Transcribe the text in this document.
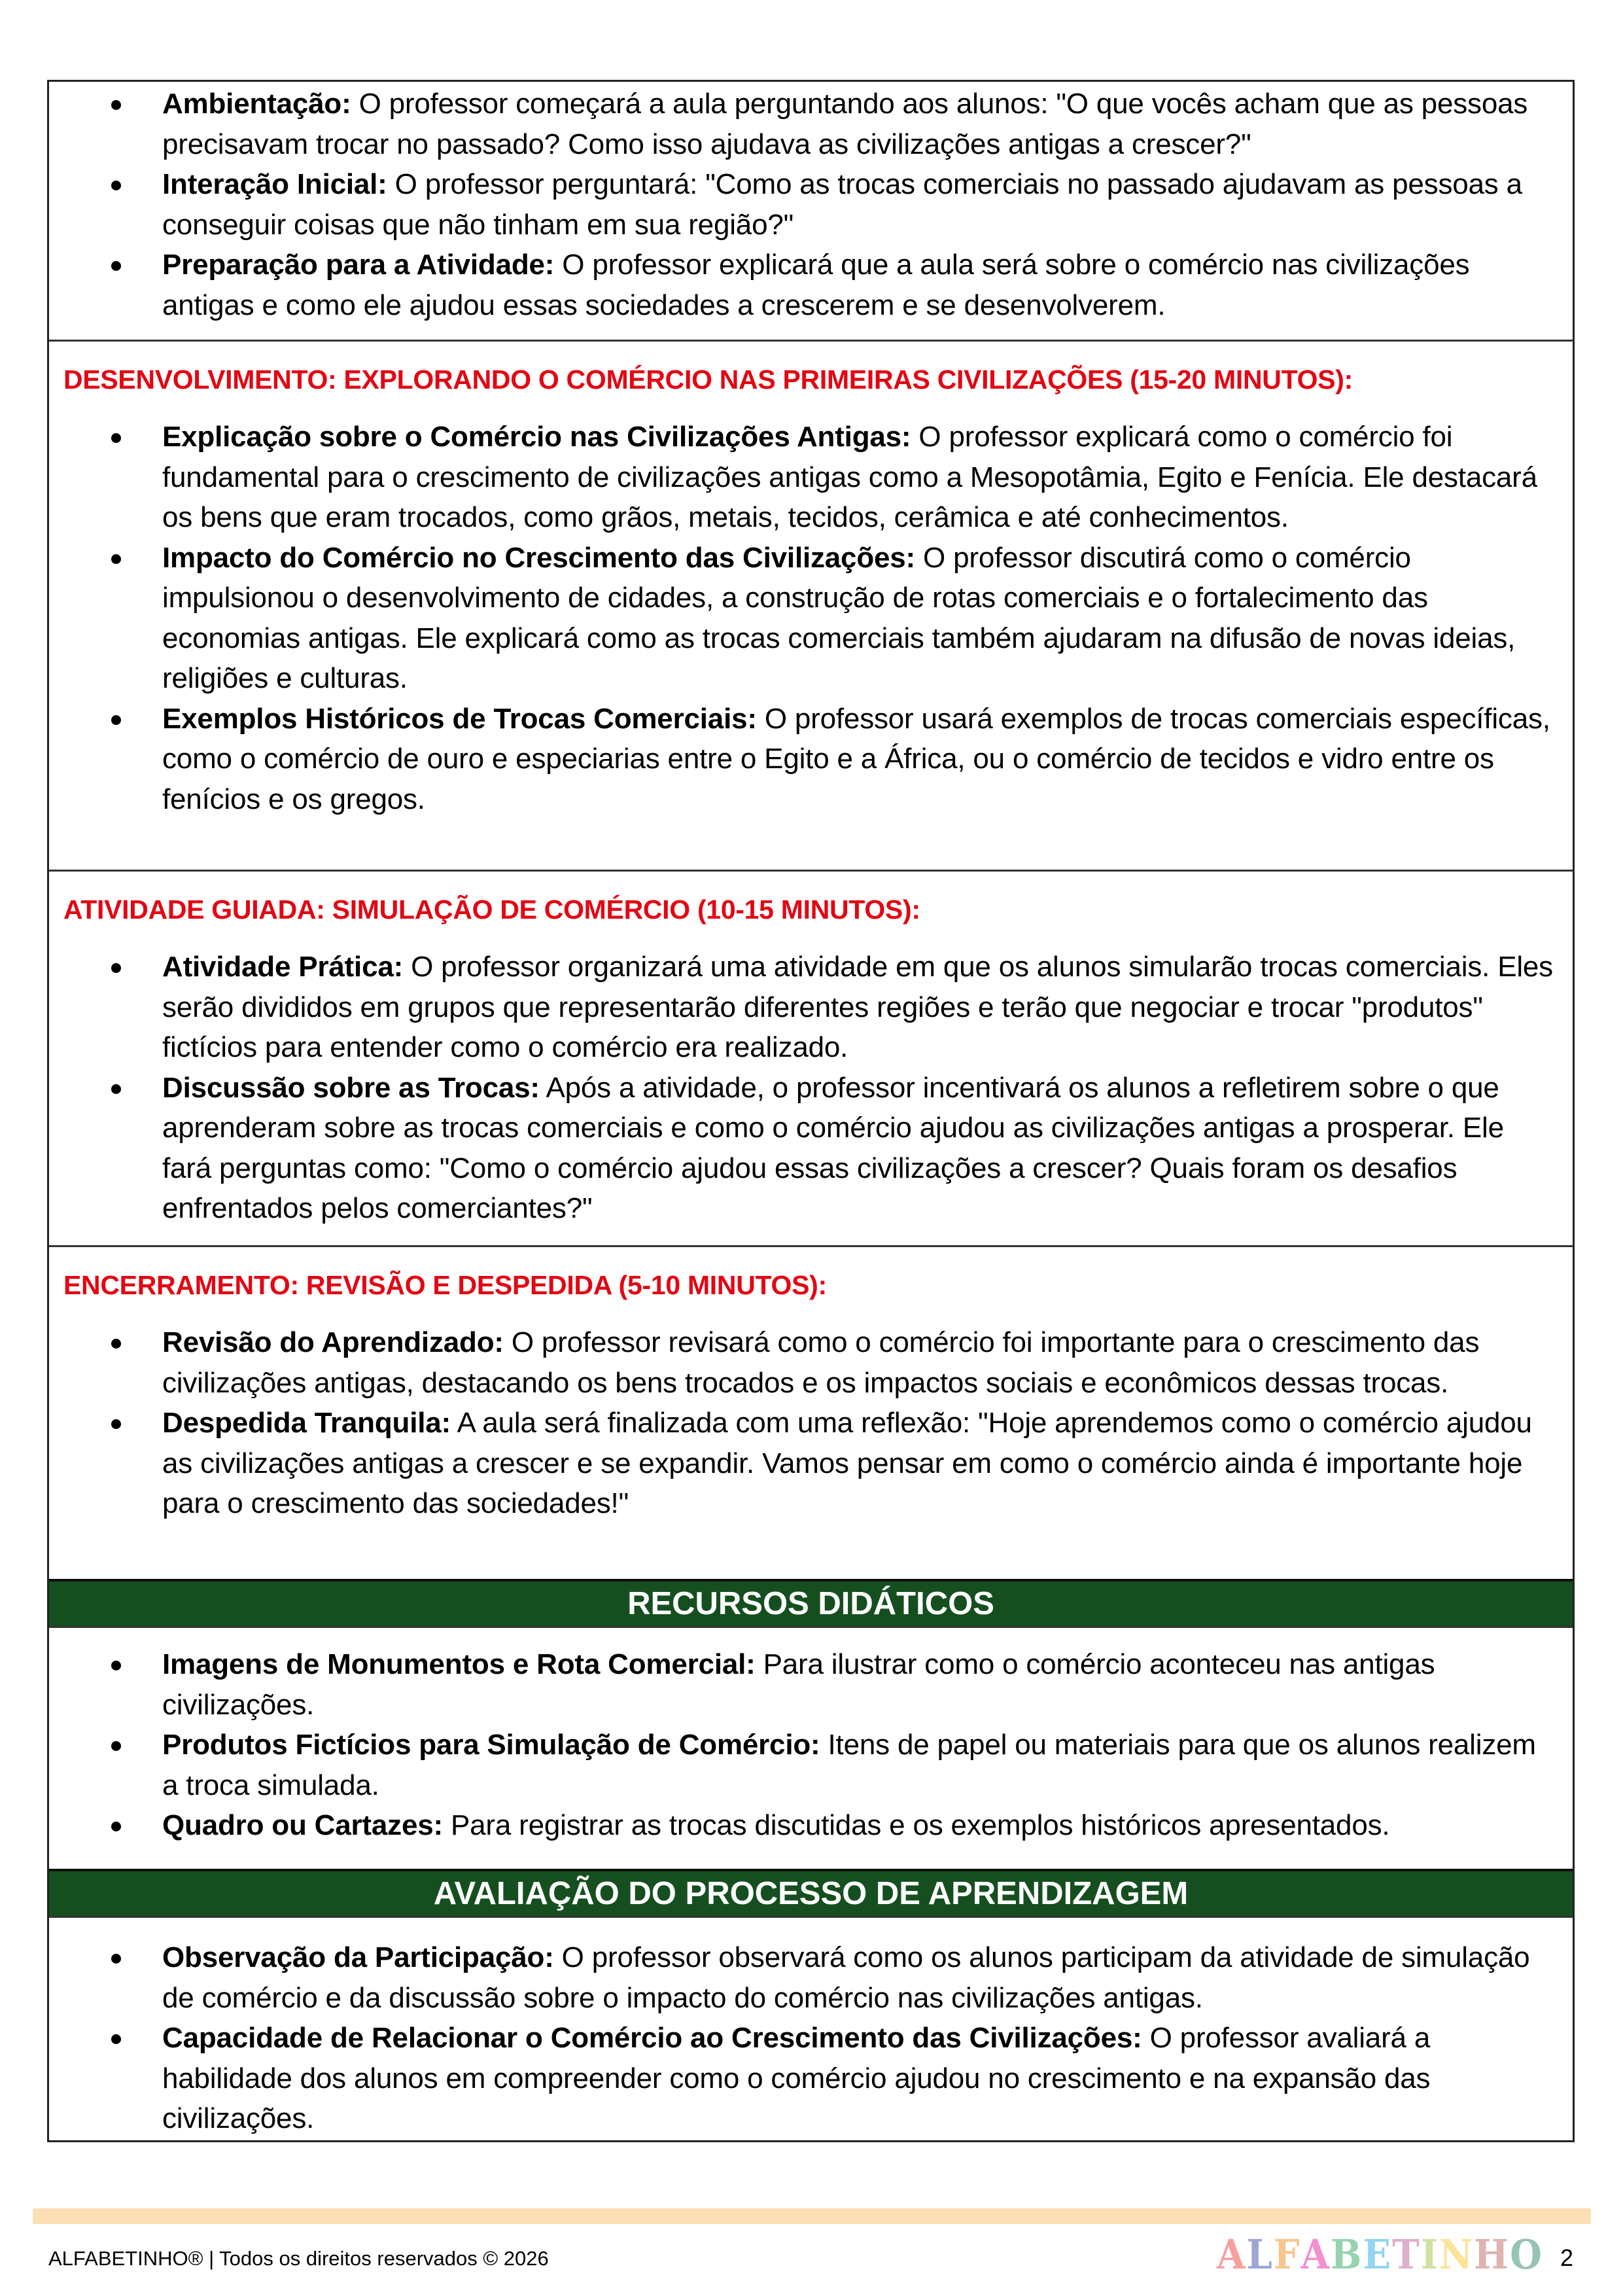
Ambientação: O professor começará a aula perguntando aos alunos: "O que vocês acham que as pessoas precisavam trocar no passado? Como isso ajudava as civilizações antigas a crescer?"
Interação Inicial: O professor perguntará: "Como as trocas comerciais no passado ajudavam as pessoas a conseguir coisas que não tinham em sua região?"
Preparação para a Atividade: O professor explicará que a aula será sobre o comércio nas civilizações antigas e como ele ajudou essas sociedades a crescerem e se desenvolverem.
DESENVOLVIMENTO: EXPLORANDO O COMÉRCIO NAS PRIMEIRAS CIVILIZAÇÕES (15-20 MINUTOS):
Explicação sobre o Comércio nas Civilizações Antigas: O professor explicará como o comércio foi fundamental para o crescimento de civilizações antigas como a Mesopotâmia, Egito e Fenícia. Ele destacará os bens que eram trocados, como grãos, metais, tecidos, cerâmica e até conhecimentos.
Impacto do Comércio no Crescimento das Civilizações: O professor discutirá como o comércio impulsionou o desenvolvimento de cidades, a construção de rotas comerciais e o fortalecimento das economias antigas. Ele explicará como as trocas comerciais também ajudaram na difusão de novas ideias, religiões e culturas.
Exemplos Históricos de Trocas Comerciais: O professor usará exemplos de trocas comerciais específicas, como o comércio de ouro e especiarias entre o Egito e a África, ou o comércio de tecidos e vidro entre os fenícios e os gregos.
ATIVIDADE GUIADA: SIMULAÇÃO DE COMÉRCIO (10-15 MINUTOS):
Atividade Prática: O professor organizará uma atividade em que os alunos simularão trocas comerciais. Eles serão divididos em grupos que representarão diferentes regiões e terão que negociar e trocar "produtos" fictícios para entender como o comércio era realizado.
Discussão sobre as Trocas: Após a atividade, o professor incentivará os alunos a refletirem sobre o que aprenderam sobre as trocas comerciais e como o comércio ajudou as civilizações antigas a prosperar. Ele fará perguntas como: "Como o comércio ajudou essas civilizações a crescer? Quais foram os desafios enfrentados pelos comerciantes?"
ENCERRAMENTO: REVISÃO E DESPEDIDA (5-10 MINUTOS):
Revisão do Aprendizado: O professor revisará como o comércio foi importante para o crescimento das civilizações antigas, destacando os bens trocados e os impactos sociais e econômicos dessas trocas.
Despedida Tranquila: A aula será finalizada com uma reflexão: "Hoje aprendemos como o comércio ajudou as civilizações antigas a crescer e se expandir. Vamos pensar em como o comércio ainda é importante hoje para o crescimento das sociedades!"
RECURSOS DIDÁTICOS
Imagens de Monumentos e Rota Comercial: Para ilustrar como o comércio aconteceu nas antigas civilizações.
Produtos Fictícios para Simulação de Comércio: Itens de papel ou materiais para que os alunos realizem a troca simulada.
Quadro ou Cartazes: Para registrar as trocas discutidas e os exemplos históricos apresentados.
AVALIAÇÃO DO PROCESSO DE APRENDIZAGEM
Observação da Participação: O professor observará como os alunos participam da atividade de simulação de comércio e da discussão sobre o impacto do comércio nas civilizações antigas.
Capacidade de Relacionar o Comércio ao Crescimento das Civilizações: O professor avaliará a habilidade dos alunos em compreender como o comércio ajudou no crescimento e na expansão das civilizações.
ALFABETINHO® | Todos os direitos reservados © 2026	ALFABETINHO 2
